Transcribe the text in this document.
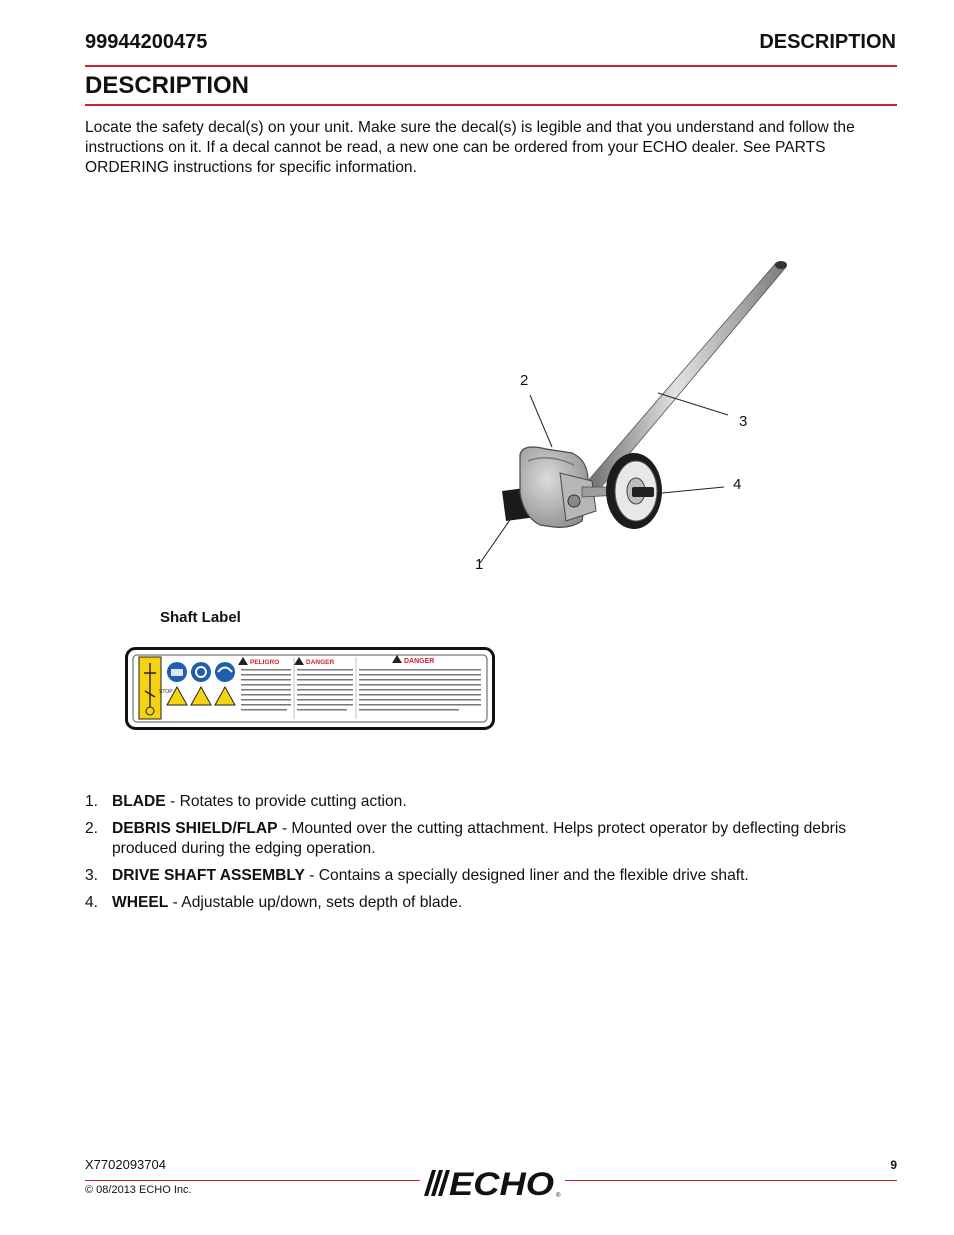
99944200475	DESCRIPTION
DESCRIPTION

Locate the safety decal(s) on your unit. Make sure the decal(s) is legible and that you understand and follow the instructions on it. If a decal cannot be read, a new one can be ordered from your ECHO dealer. See PARTS ORDERING instructions for specific information.

1
2
3
4
Shaft Label
STOP
PELIGRO	DANGER	DANGER
1. BLADE - Rotates to provide cutting action.
2. DEBRIS SHIELD/FLAP - Mounted over the cutting attachment. Helps protect operator by deflecting debris produced during the edging operation.
3. DRIVE SHAFT ASSEMBLY - Contains a specially designed liner and the flexible drive shaft.
4. WHEEL - Adjustable up/down, sets depth of blade.
X7702093704	9
© 08/2013 ECHO Inc.	ECHO ®
